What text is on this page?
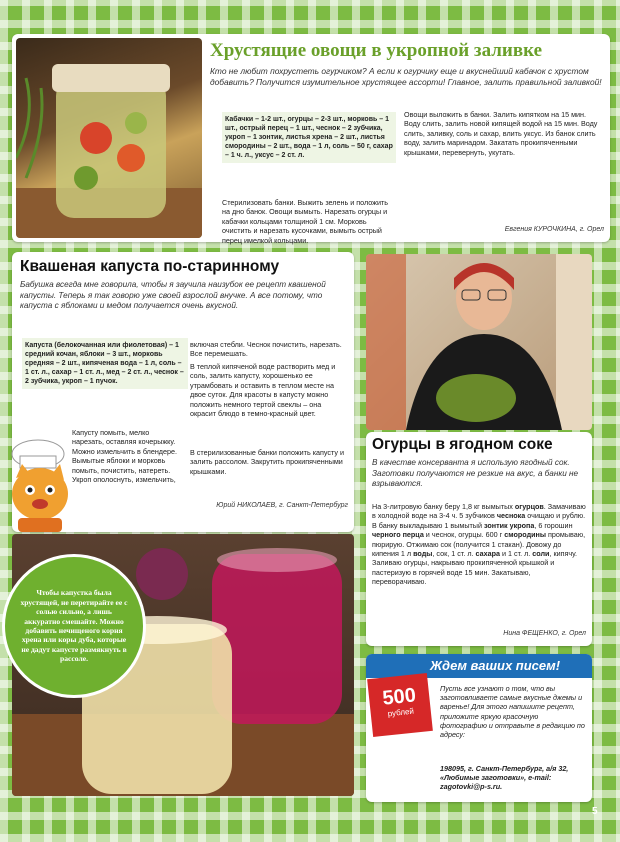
Хрустящие овощи в укропной заливке

Кто не любит похрустеть огурчиком? А если к огурчику еще и вкуснейший кабачок с хрустом добавить? Получится изумительное хрустящее ассорти! Главное, залить правильной заливкой!

Кабачки – 1-2 шт., огурцы – 2-3 шт., морковь – 1 шт., острый перец – 1 шт., чеснок – 2 зубчика, укроп – 1 зонтик, листья хрена – 2 шт., листья смородины – 2 шт., вода – 1 л, соль – 50 г, сахар – 1 ч. л., уксус – 2 ст. л.

Стерилизовать банки. Выжить зелень и положить на дно банок. Овощи вымыть. Нарезать огурцы и кабачки кольцами толщиной 1 см. Морковь очистить и нарезать кусочками, вымыть острый перец имелкой кольцами.

Овощи выложить в банки. Залить кипятком на 15 мин. Воду слить, залить новой кипящей водой на 15 мин. Воду слить, заливку, соль и сахар, влить уксус. Из банок слить воду, залить маринадом. Закатать прокипяченными крышками, перевернуть, укутать.

Евгения КУРОЧКИНА, г. Орел

Квашеная капуста по-старинному

Бабушка всегда мне говорила, чтобы я заучила наизубок ее рецепт квашеной капусты. Теперь я так говорю уже своей взрослой внучке. А все потому, что капуста с яблоками и медом получается очень вкусной.

Капуста (белокочанная или фиолетовая) – 1 средний кочан, яблоки – 3 шт., морковь средняя – 2 шт., кипяченая вода – 1 л, соль – 1 ст. л., сахар – 1 ст. л., мед – 2 ст. л., чеснок – 2 зубчика, укроп – 1 пучок.

Капусту помыть, мелко нарезать, оставляя кочерыжку. Можно измельчить в блендере. Вымытые яблоки и морковь помыть, почистить, натереть. Укроп ополоснуть, измельчить,

включая стебли. Чеснок почистить, нарезать. Все перемешать.

В теплой кипяченой воде растворить мед и соль, залить капусту, хорошенько ее утрамбовать и оставить в теплом месте на двое суток. Для красоты в капусту можно положить немного тертой свеклы – она окрасит блюдо в темно-красный цвет.

В стерилизованные банки положить капусту и залить рассолом. Закрутить прокипяченными крышками.

Юрий НИКОЛАЕВ, г. Санкт-Петербург

Чтобы капустка была хрустящей, не перетирайте ее с солью сильно, а лишь аккуратно смешайте. Можно добавить нечищеного корня хрена или коры дуба, которые не дадут капусте размякнуть в рассоле.

Огурцы в ягодном соке

В качестве консерванта я использую ягодный сок. Заготовки получаются не резкие на вкус, а банки не взрываются.

На 3-литровую банку беру 1,8 кг вымытых огурцов. Замачиваю в холодной воде на 3-4 ч. 5 зубчиков чеснока очищаю и рублю. В банку выкладываю 1 вымытый зонтик укропа, 6 горошин черного перца и чеснок, огурцы. 600 г смородины промываю, пюрирую. Отжимаю сок (получится 1 стакан). Довожу до кипения 1 л воды, сок, 1 ст. л. сахара и 1 ст. л. соли, кипячу. Заливаю огурцы, накрываю прокипяченной крышкой и пастеризую в горячей воде 15 мин. Закатываю, переворачиваю.

Нина ФЕЩЕНКО, г. Орел

Ждем ваших писем!
500
рублей

Пусть все узнают о том, что вы заготовливаете самые вкусные джемы и варенье! Для этого напишите рецепт, приложите яркую красочную фотографию и отправьте в редакцию по адресу:

198095, г. Санкт-Петербург, а/я 32, «Любимые заготовки», e-mail: zagotovki@p-s.ru.

5
